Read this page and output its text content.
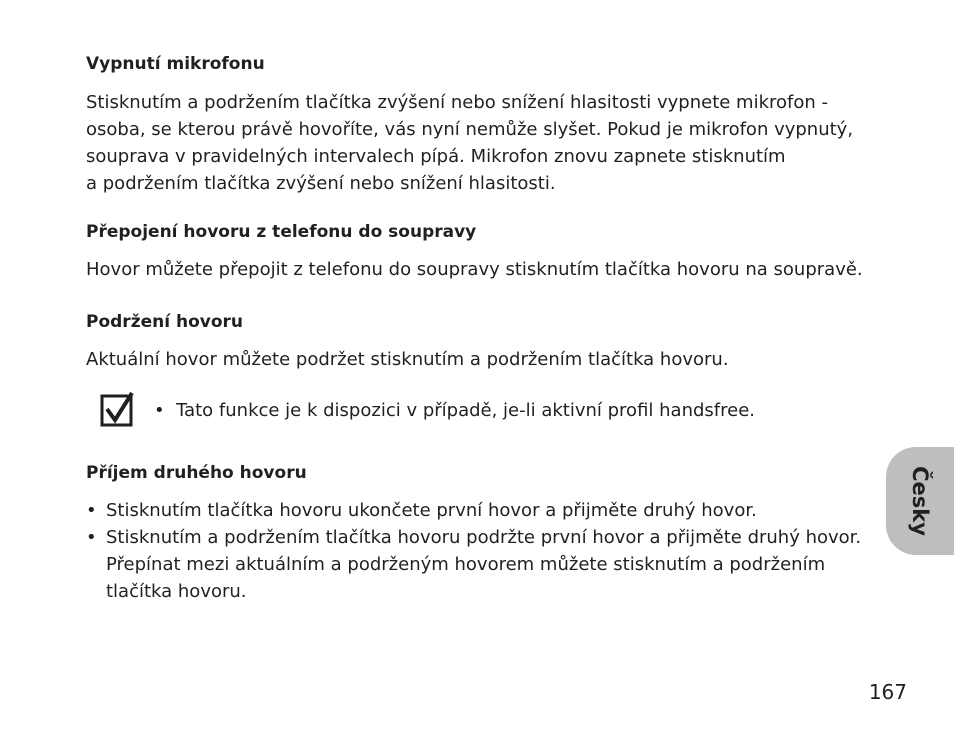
Vypnutí mikrofonu
Stisknutím a podržením tlačítka zvýšení nebo snížení hlasitosti vypnete mikrofon -
osoba, se kterou právě hovoříte, vás nyní nemůže slyšet. Pokud je mikrofon vypnutý,
souprava v pravidelných intervalech pípá. Mikrofon znovu zapnete stisknutím
a podržením tlačítka zvýšení nebo snížení hlasitosti.
Přepojení hovoru z telefonu do soupravy
Hovor můžete přepojit z telefonu do soupravy stisknutím tlačítka hovoru na soupravě.
Podržení hovoru
Aktuální hovor můžete podržet stisknutím a podržením tlačítka hovoru.
• Tato funkce je k dispozici v případě, je-li aktivní profil handsfree.
Příjem druhého hovoru
• Stisknutím tlačítka hovoru ukončete první hovor a přijměte druhý hovor.
• Stisknutím a podržením tlačítka hovoru podržte první hovor a přijměte druhý hovor.
Přepínat mezi aktuálním a podrženým hovorem můžete stisknutím a podržením
tlačítka hovoru.
Česky
167
